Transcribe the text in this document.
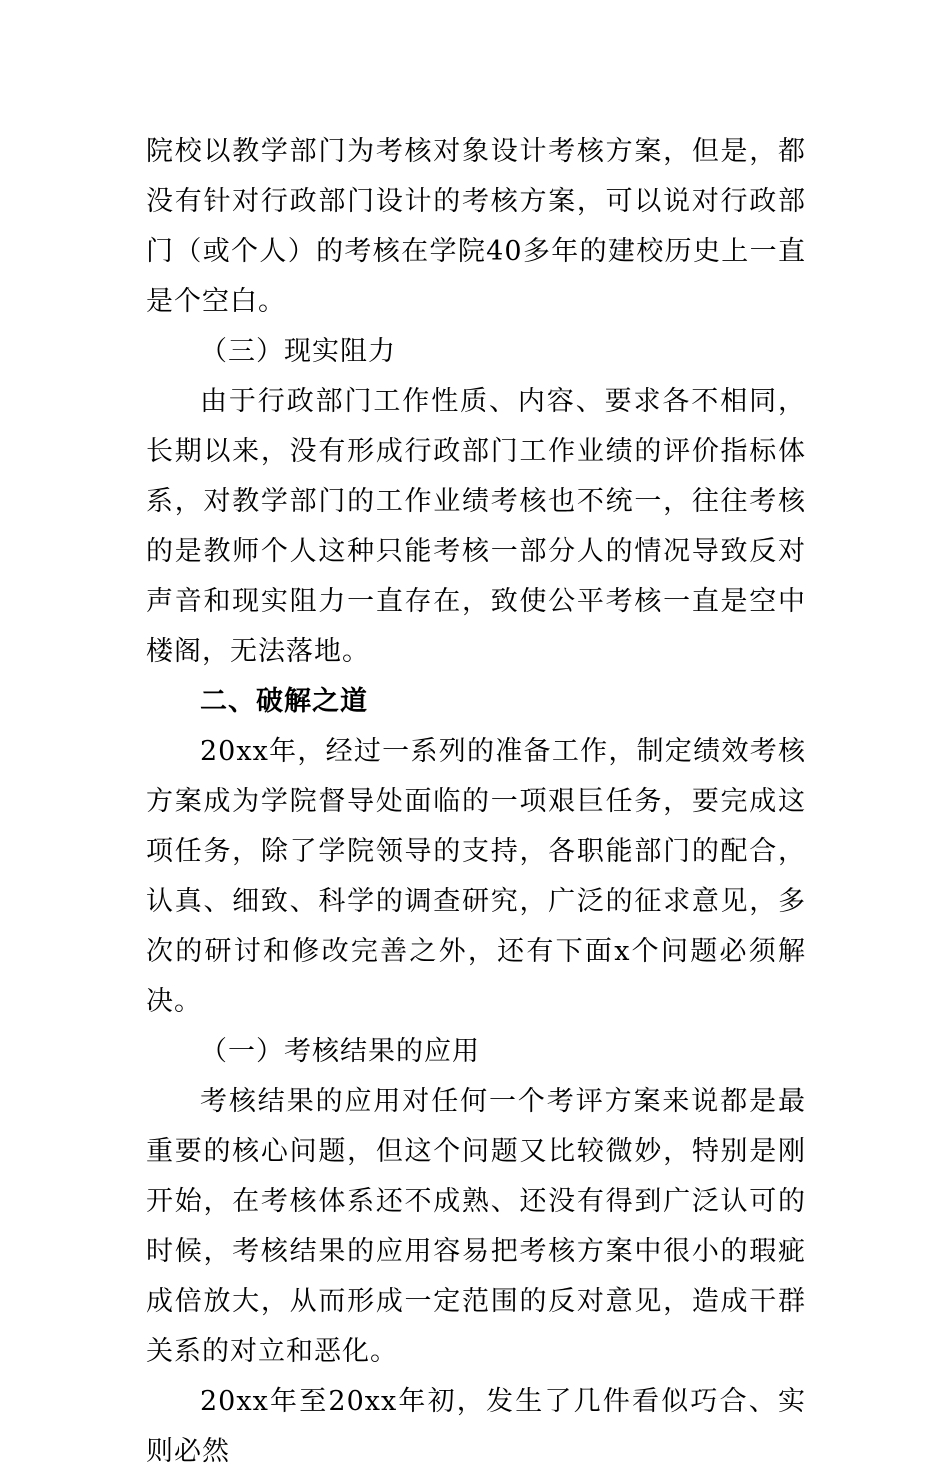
院校以教学部门为考核对象设计考核方案，但是，都没有针对行政部门设计的考核方案，可以说对行政部门（或个人）的考核在学院40多年的建校历史上一直是个空白。

（三）现实阻力

由于行政部门工作性质、内容、要求各不相同，长期以来，没有形成行政部门工作业绩的评价指标体系，对教学部门的工作业绩考核也不统一，往往考核的是教师个人这种只能考核一部分人的情况导致反对声音和现实阻力一直存在，致使公平考核一直是空中楼阁，无法落地。

二、破解之道

20xx年，经过一系列的准备工作，制定绩效考核方案成为学院督导处面临的一项艰巨任务，要完成这项任务，除了学院领导的支持，各职能部门的配合，认真、细致、科学的调查研究，广泛的征求意见，多次的研讨和修改完善之外，还有下面x个问题必须解决。

（一）考核结果的应用

考核结果的应用对任何一个考评方案来说都是最重要的核心问题，但这个问题又比较微妙，特别是刚开始，在考核体系还不成熟、还没有得到广泛认可的时候，考核结果的应用容易把考核方案中很小的瑕疵成倍放大，从而形成一定范围的反对意见，造成干群关系的对立和恶化。

20xx年至20xx年初，发生了几件看似巧合、实则必然
